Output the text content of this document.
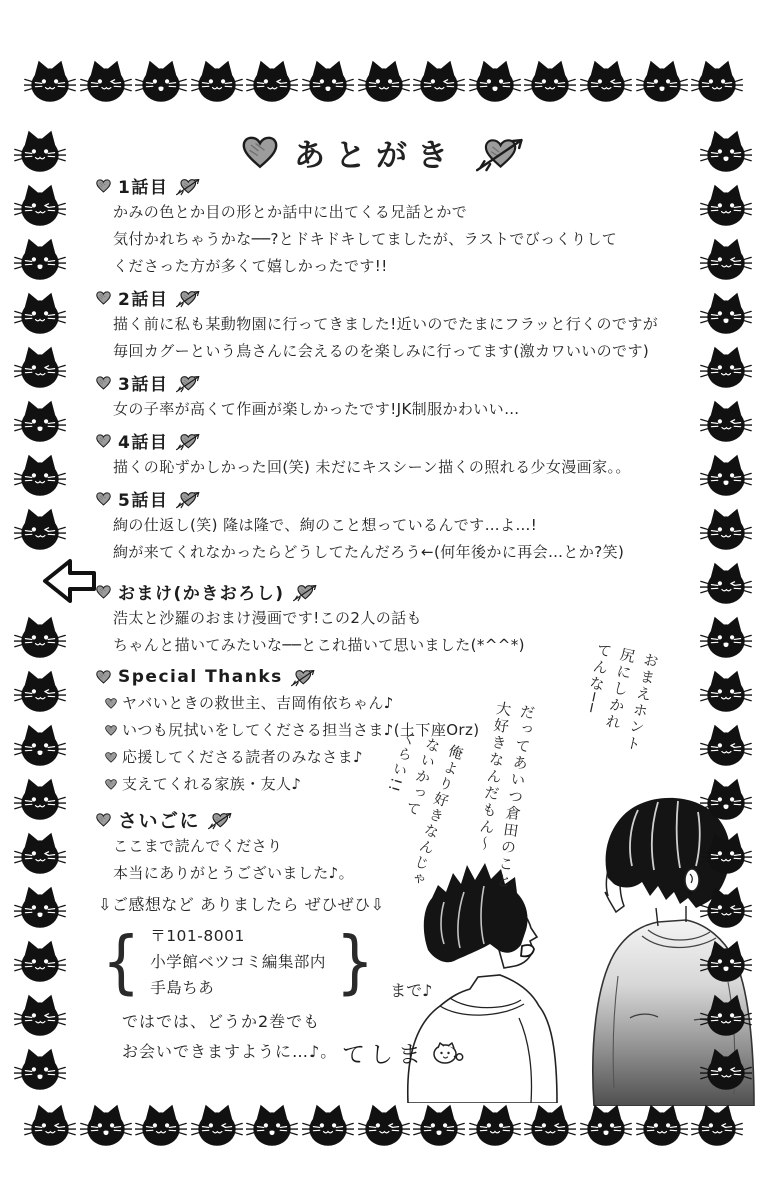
あとがき
1話目
かみの色とか目の形とか話中に出てくる兄話とかで
気付かれちゃうかな──?とドキドキしてましたが、ラストでびっくりして
くださった方が多くて嬉しかったです!!
2話目
描く前に私も某動物園に行ってきました!近いのでたまにフラッと行くのですが
毎回カグーという鳥さんに会えるのを楽しみに行ってます(激カワいいのです)
3話目
女の子率が高くて作画が楽しかったです!JK制服かわいい…
4話目
描くの恥ずかしかった回(笑) 未だにキスシーン描くの照れる少女漫画家。。
5話目
絢の仕返し(笑) 隆は隆で、絢のこと想っているんです…よ…!
絢が来てくれなかったらどうしてたんだろう←(何年後かに再会…とか?笑)
おまけ(かきおろし)
浩太と沙羅のおまけ漫画です!この2人の話も
ちゃんと描いてみたいな──とこれ描いて思いました(*^^*)
Special Thanks
ヤバいときの救世主、吉岡侑依ちゃん♪
いつも尻拭いをしてくださる担当さま♪(土下座Orz)
応援してくださる読者のみなさま♪
支えてくれる家族・友人♪
さいごに
ここまで読んでくださり
本当にありがとうございました♪。
⇩ご感想など ありましたら ぜひぜひ⇩
{ 〒101-8001
小学館ベツコミ編集部内
手島ちあ	} まで♪
ではでは、どうか2巻でも
お会いできますように…♪。 てしま
おまえホント
尻にしかれ
てんな──
だってあいつ倉田のこと
大好きなんだもん〜
俺より好きなんじゃ
ないかって
くらい!!
